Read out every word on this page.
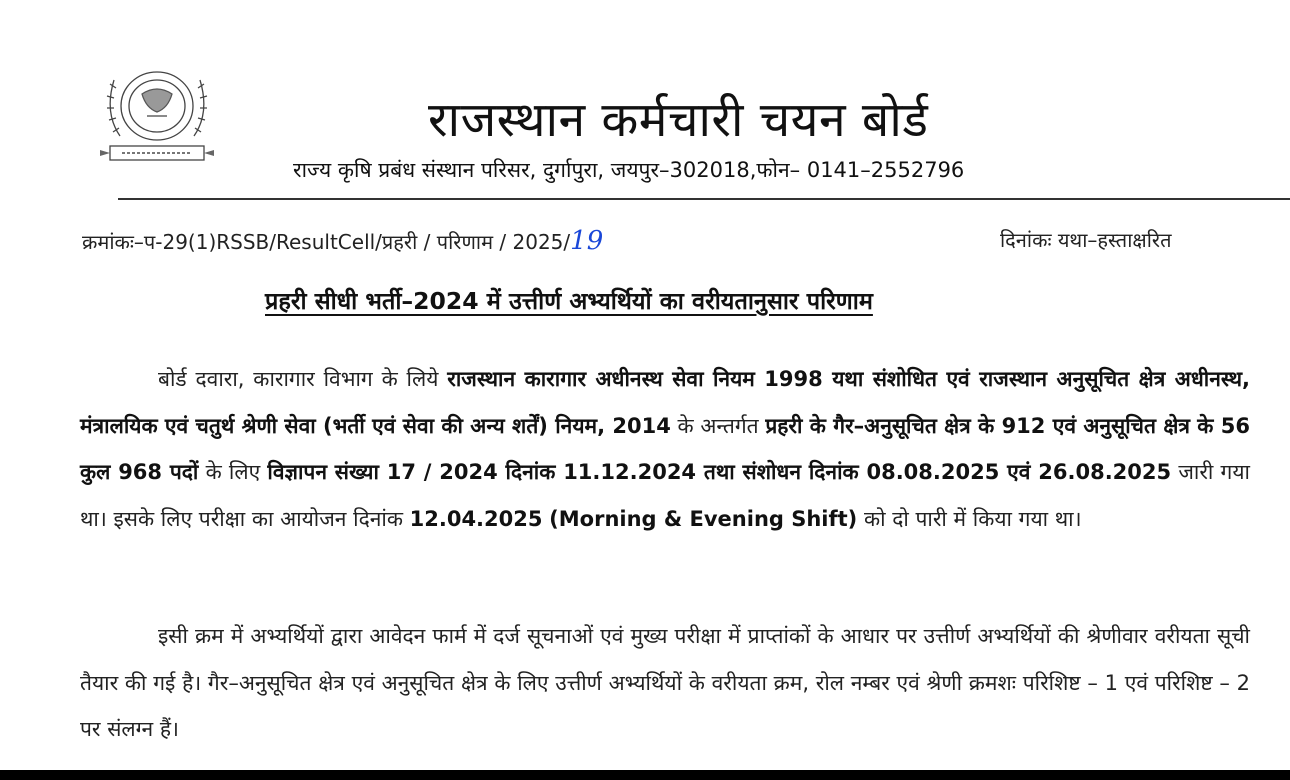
राजस्थान कर्मचारी चयन बोर्ड
राज्य कृषि प्रबंध संस्थान परिसर, दुर्गापुरा, जयपुर–302018,फोन– 0141–2552796
क्रमांकः–प-29(1)RSSB/ResultCell/प्रहरी / परिणाम / 2025/19	दिनांकः यथा–हस्ताक्षरित
प्रहरी सीधी भर्ती–2024 में उत्तीर्ण अभ्यर्थियों का वरीयतानुसार परिणाम
बोर्ड दवारा, कारागार विभाग के लिये राजस्थान कारागार अधीनस्थ सेवा नियम 1998 यथा संशोधित एवं राजस्थान अनुसूचित क्षेत्र अधीनस्थ, मंत्रालयिक एवं चतुर्थ श्रेणी सेवा (भर्ती एवं सेवा की अन्य शर्तें) नियम, 2014 के अन्तर्गत प्रहरी के गैर–अनुसूचित क्षेत्र के 912 एवं अनुसूचित क्षेत्र के 56 कुल 968 पदों के लिए विज्ञापन संख्या 17 / 2024 दिनांक 11.12.2024 तथा संशोधन दिनांक 08.08.2025 एवं 26.08.2025 जारी गया था। इसके लिए परीक्षा का आयोजन दिनांक 12.04.2025 (Morning & Evening Shift) को दो पारी में किया गया था।
इसी क्रम में अभ्यर्थियों द्वारा आवेदन फार्म में दर्ज सूचनाओं एवं मुख्य परीक्षा में प्राप्तांकों के आधार पर उत्तीर्ण अभ्यर्थियों की श्रेणीवार वरीयता सूची तैयार की गई है। गैर–अनुसूचित क्षेत्र एवं अनुसूचित क्षेत्र के लिए उत्तीर्ण अभ्यर्थियों के वरीयता क्रम, रोल नम्बर एवं श्रेणी क्रमशः परिशिष्ट – 1 एवं परिशिष्ट – 2 पर संलग्न हैं।
